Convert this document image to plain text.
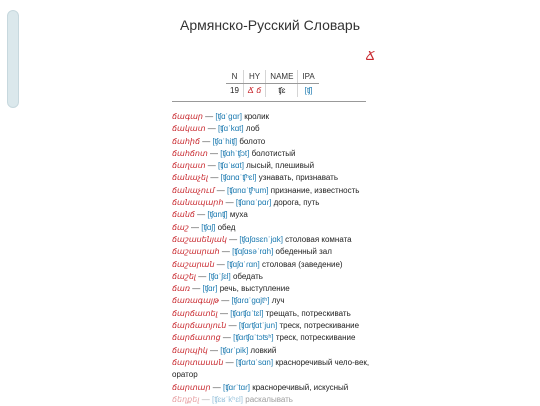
Армянско-Русский Словарь
Ճ
N	HY	NAME	IPA
19	Ճ ճ	ʧɛ	[ʧ]
ճագար — [ʧɑˈgɑr] кролик
ճակատ — [ʧɑˈkɑt] лоб
ճահիճ — [ʧɑˈhiʧ] болото
ճահճոտ — [ʧɑhˈʧɔt] болотистый
ճաղատ — [ʧɑˈʁɑt] лысый, плешивый
ճանաչել — [ʧɑnɑˈʧʰɛl] узнавать, признавать
ճանաչում — [ʧɑnɑˈʧʰum] признание, известность
ճանապարհ — [ʧɑnɑˈpɑɾ] дорога, путь
ճանճ — [ʧɑnʧ] муха
ճաշ — [ʧɑʃ] обед
ճաշասենյակ — [ʧɑʃɑsɛnˈjɑk] столовая комната
ճաշասրահ — [ʧɑʃɑsəˈrɑh] обеденный зал
ճաշարան — [ʧɑʃɑˈɾɑn] столовая (заведение)
ճաշել — [ʧɑˈʃɛl] обедать
ճառ — [ʧɑr] речь, выступление
ճառագայթ — [ʧɑɾɑˈgɑjtʰ] луч
ճարճատել — [ʧɑɾʧɑˈtɛl] трещать, потрескивать
ճարճատյուն — [ʧɑɾʧɑtˈjun] треск, потрескивание
ճարճատոց — [ʧɑɾʧɑˈtɔʦʰ] треск, потрескивание
ճարպիկ — [ʧɑɾˈpik] ловкий
ճարտասան — [ʧɑɾtɑˈsɑn] красноречивый чело-век, оратор
ճարտար — [ʧɑɾˈtɑɾ] красноречивый, искусный
ճեղքել — [ʧɛʁˈkʰɛl] раскалывать
